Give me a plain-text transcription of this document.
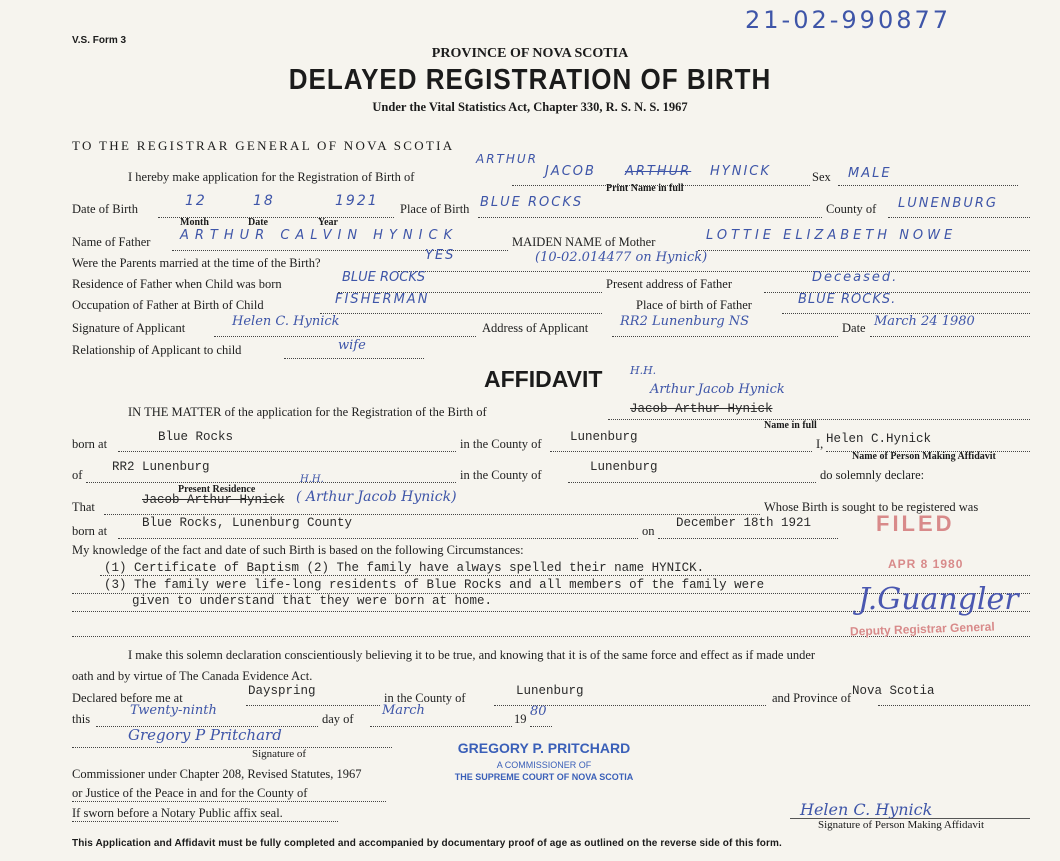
V.S. Form 3
21-02-990877
PROVINCE OF NOVA SCOTIA
DELAYED REGISTRATION OF BIRTH
Under the Vital Statistics Act, Chapter 330, R. S. N. S. 1967
TO THE REGISTRAR GENERAL OF NOVA SCOTIA
I hereby make application for the Registration of Birth of
ARTHUR
JACOB ARTHUR HYNICK
Print Name in full
Sex MALE
Date of Birth	12	18	1921
Month	Date	Year
Place of Birth BLUE ROCKS	County of LUNENBURG
Name of Father ARTHUR CALVIN HYNICK	MAIDEN NAME of Mother	LOTTIE ELIZABETH NOWE
Were the Parents married at the time of the Birth?	YES	(10-02.014477 on Hynick)
Residence of Father when Child was born	BLUE ROCKS	Present address of Father	Deceased.
Occupation of Father at Birth of Child	FISHERMAN	Place of birth of Father	BLUE ROCKS.
Signature of Applicant	Helen C. Hynick	Address of Applicant RR2 Lunenburg NS	Date March 24 1980
Relationship of Applicant to child	wife
AFFIDAVIT	H.H.
IN THE MATTER of the application for the Registration of the Birth of
Arthur Jacob Hynick
Jacob Arthur Hynick
Name in full
born at	Blue Rocks	in the County of Lunenburg	I, Helen C.Hynick
Name of Person Making Affidavit
of
RR2 Lunenburg
in the County of
Lunenburg
do solemnly declare:
Present Residence
That	Jacob Arthur Hynick ( Arthur Jacob Hynick)
H.H.
Whose Birth is sought to be registered was
born at
Blue Rocks, Lunenburg County
on
December 18th 1921
My knowledge of the fact and date of such Birth is based on the following Circumstances:
(1) Certificate of Baptism (2) The family have always spelled their name HYNICK.
(3) The family were life-long residents of Blue Rocks and all members of the family were
given to understand that they were born at home.
I make this solemn declaration conscientiously believing it to be true, and knowing that it is of the same force and effect as if made under
oath and by virtue of The Canada Evidence Act.
Declared before me at	Dayspring	in the County of	Lunenburg	and Province of Nova Scotia
this
Twenty-ninth
day of
March
19 80
Gregory P Pritchard
Signature of
Commissioner under Chapter 208, Revised Statutes, 1967
or Justice of the Peace in and for the County of
If sworn before a Notary Public affix seal.	Helen C. Hynick
Signature of Person Making Affidavit
GREGORY P. PRITCHARD
A COMMISSIONER OF
THE SUPREME COURT OF NOVA SCOTIA
FILED
APR 8 1980
J.Guangler
Deputy Registrar General
This Application and Affidavit must be fully completed and accompanied by documentary proof of age as outlined on the reverse side of this form.
